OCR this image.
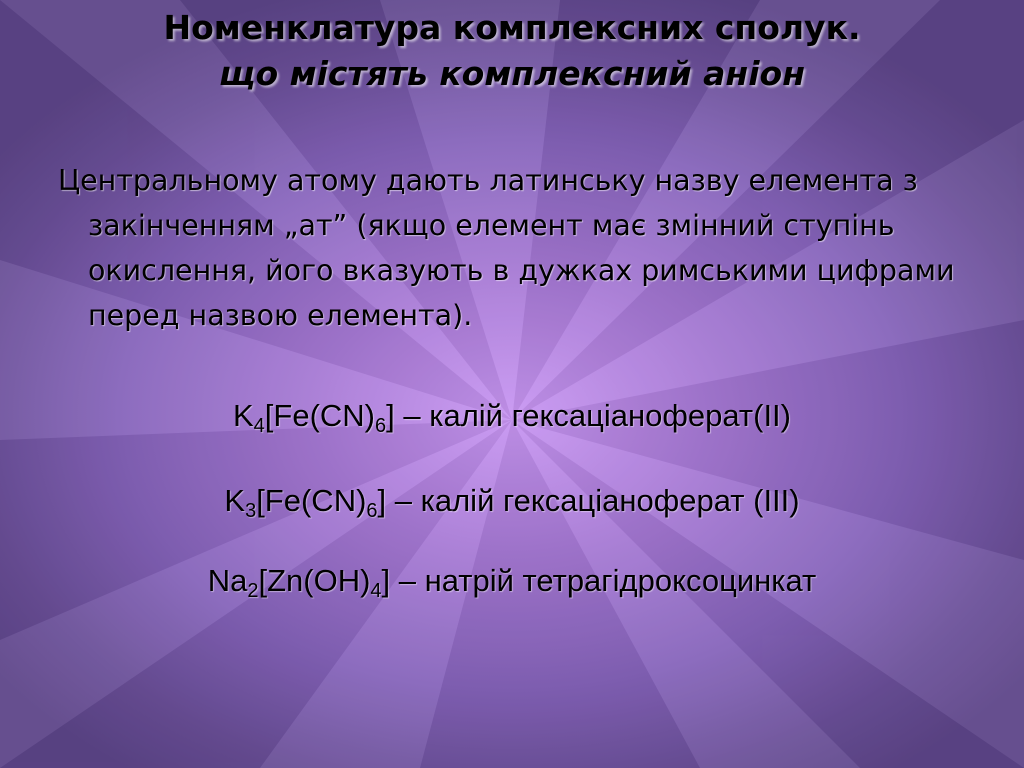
Номенклатура комплексних сполук.
що містять комплексний аніон

Центральному атому дають латинську назву елемента з закінченням „ат” (якщо елемент має змінний ступінь окислення, його вказують в дужках римськими цифрами перед назвою елемента).

$K_4[Fe(CN)_6]$ – калій гексаціаноферат(II)

$K_3[Fe(CN)_6]$ – калій гексаціаноферат (III)

$Na_2[Zn(OH)_4]$ – натрій тетрагідроксоцинкат
